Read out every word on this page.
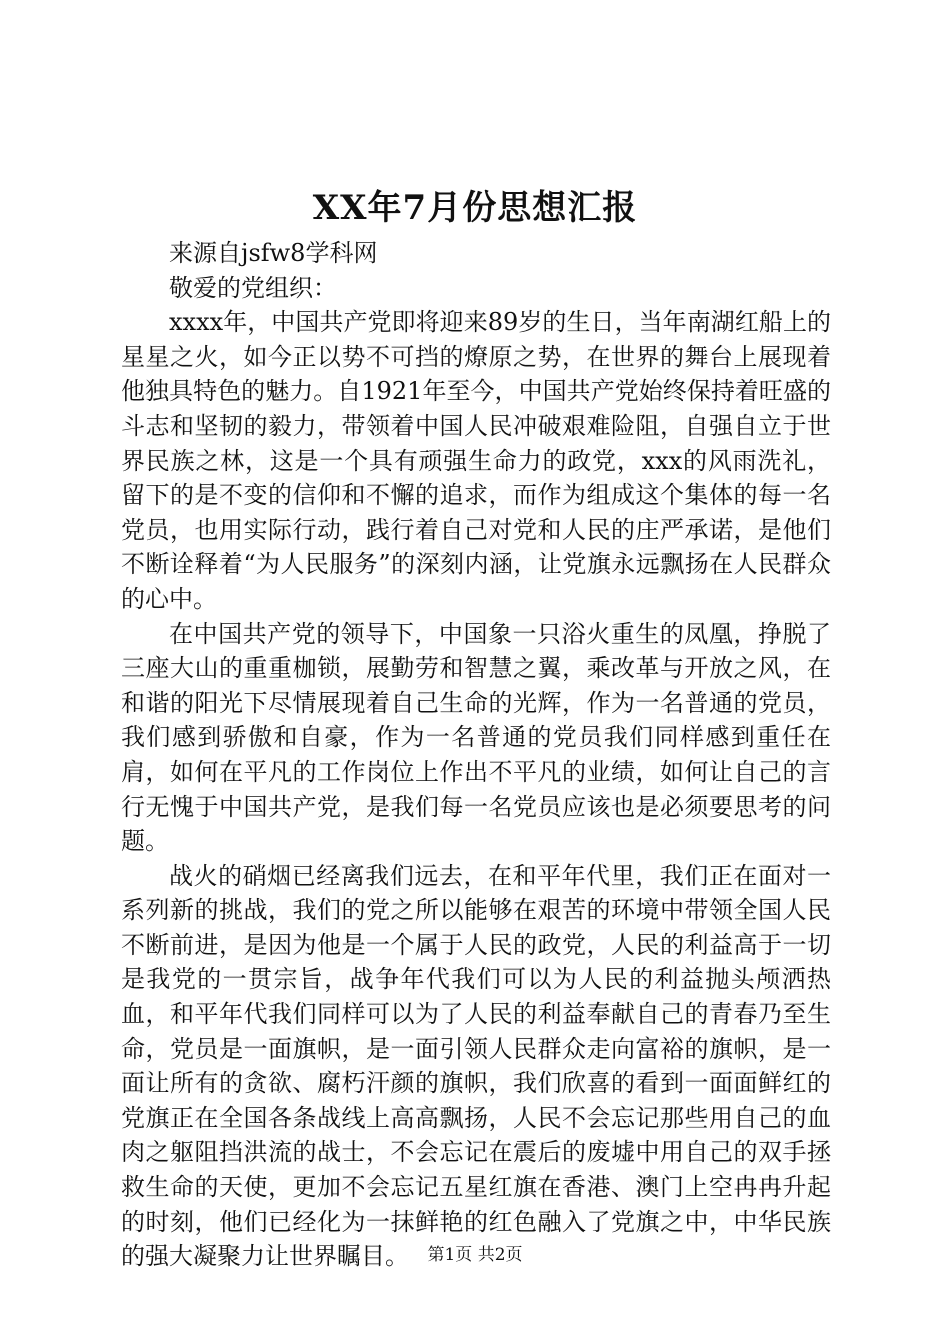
XX年7月份思想汇报

来源自jsfw8学科网

敬爱的党组织：

xxxx年，中国共产党即将迎来89岁的生日，当年南湖红船上的星星之火，如今正以势不可挡的燎原之势，在世界的舞台上展现着他独具特色的魅力。自1921年至今，中国共产党始终保持着旺盛的斗志和坚韧的毅力，带领着中国人民冲破艰难险阻，自强自立于世界民族之林，这是一个具有顽强生命力的政党，xxx的风雨洗礼，留下的是不变的信仰和不懈的追求，而作为组成这个集体的每一名党员，也用实际行动，践行着自己对党和人民的庄严承诺，是他们不断诠释着“为人民服务”的深刻内涵，让党旗永远飘扬在人民群众的心中。

在中国共产党的领导下，中国象一只浴火重生的凤凰，挣脱了三座大山的重重枷锁，展勤劳和智慧之翼，乘改革与开放之风，在和谐的阳光下尽情展现着自己生命的光辉，作为一名普通的党员，我们感到骄傲和自豪，作为一名普通的党员我们同样感到重任在肩，如何在平凡的工作岗位上作出不平凡的业绩，如何让自己的言行无愧于中国共产党，是我们每一名党员应该也是必须要思考的问题。

战火的硝烟已经离我们远去，在和平年代里，我们正在面对一系列新的挑战，我们的党之所以能够在艰苦的环境中带领全国人民不断前进，是因为他是一个属于人民的政党，人民的利益高于一切是我党的一贯宗旨，战争年代我们可以为人民的利益抛头颅洒热血，和平年代我们同样可以为了人民的利益奉献自己的青春乃至生命，党员是一面旗帜，是一面引领人民群众走向富裕的旗帜，是一面让所有的贪欲、腐朽汗颜的旗帜，我们欣喜的看到一面面鲜红的党旗正在全国各条战线上高高飘扬，人民不会忘记那些用自己的血肉之躯阻挡洪流的战士，不会忘记在震后的废墟中用自己的双手拯救生命的天使，更加不会忘记五星红旗在香港、澳门上空冉冉升起的时刻，他们已经化为一抹鲜艳的红色融入了党旗之中，中华民族的强大凝聚力让世界瞩目。	第1页 共2页
